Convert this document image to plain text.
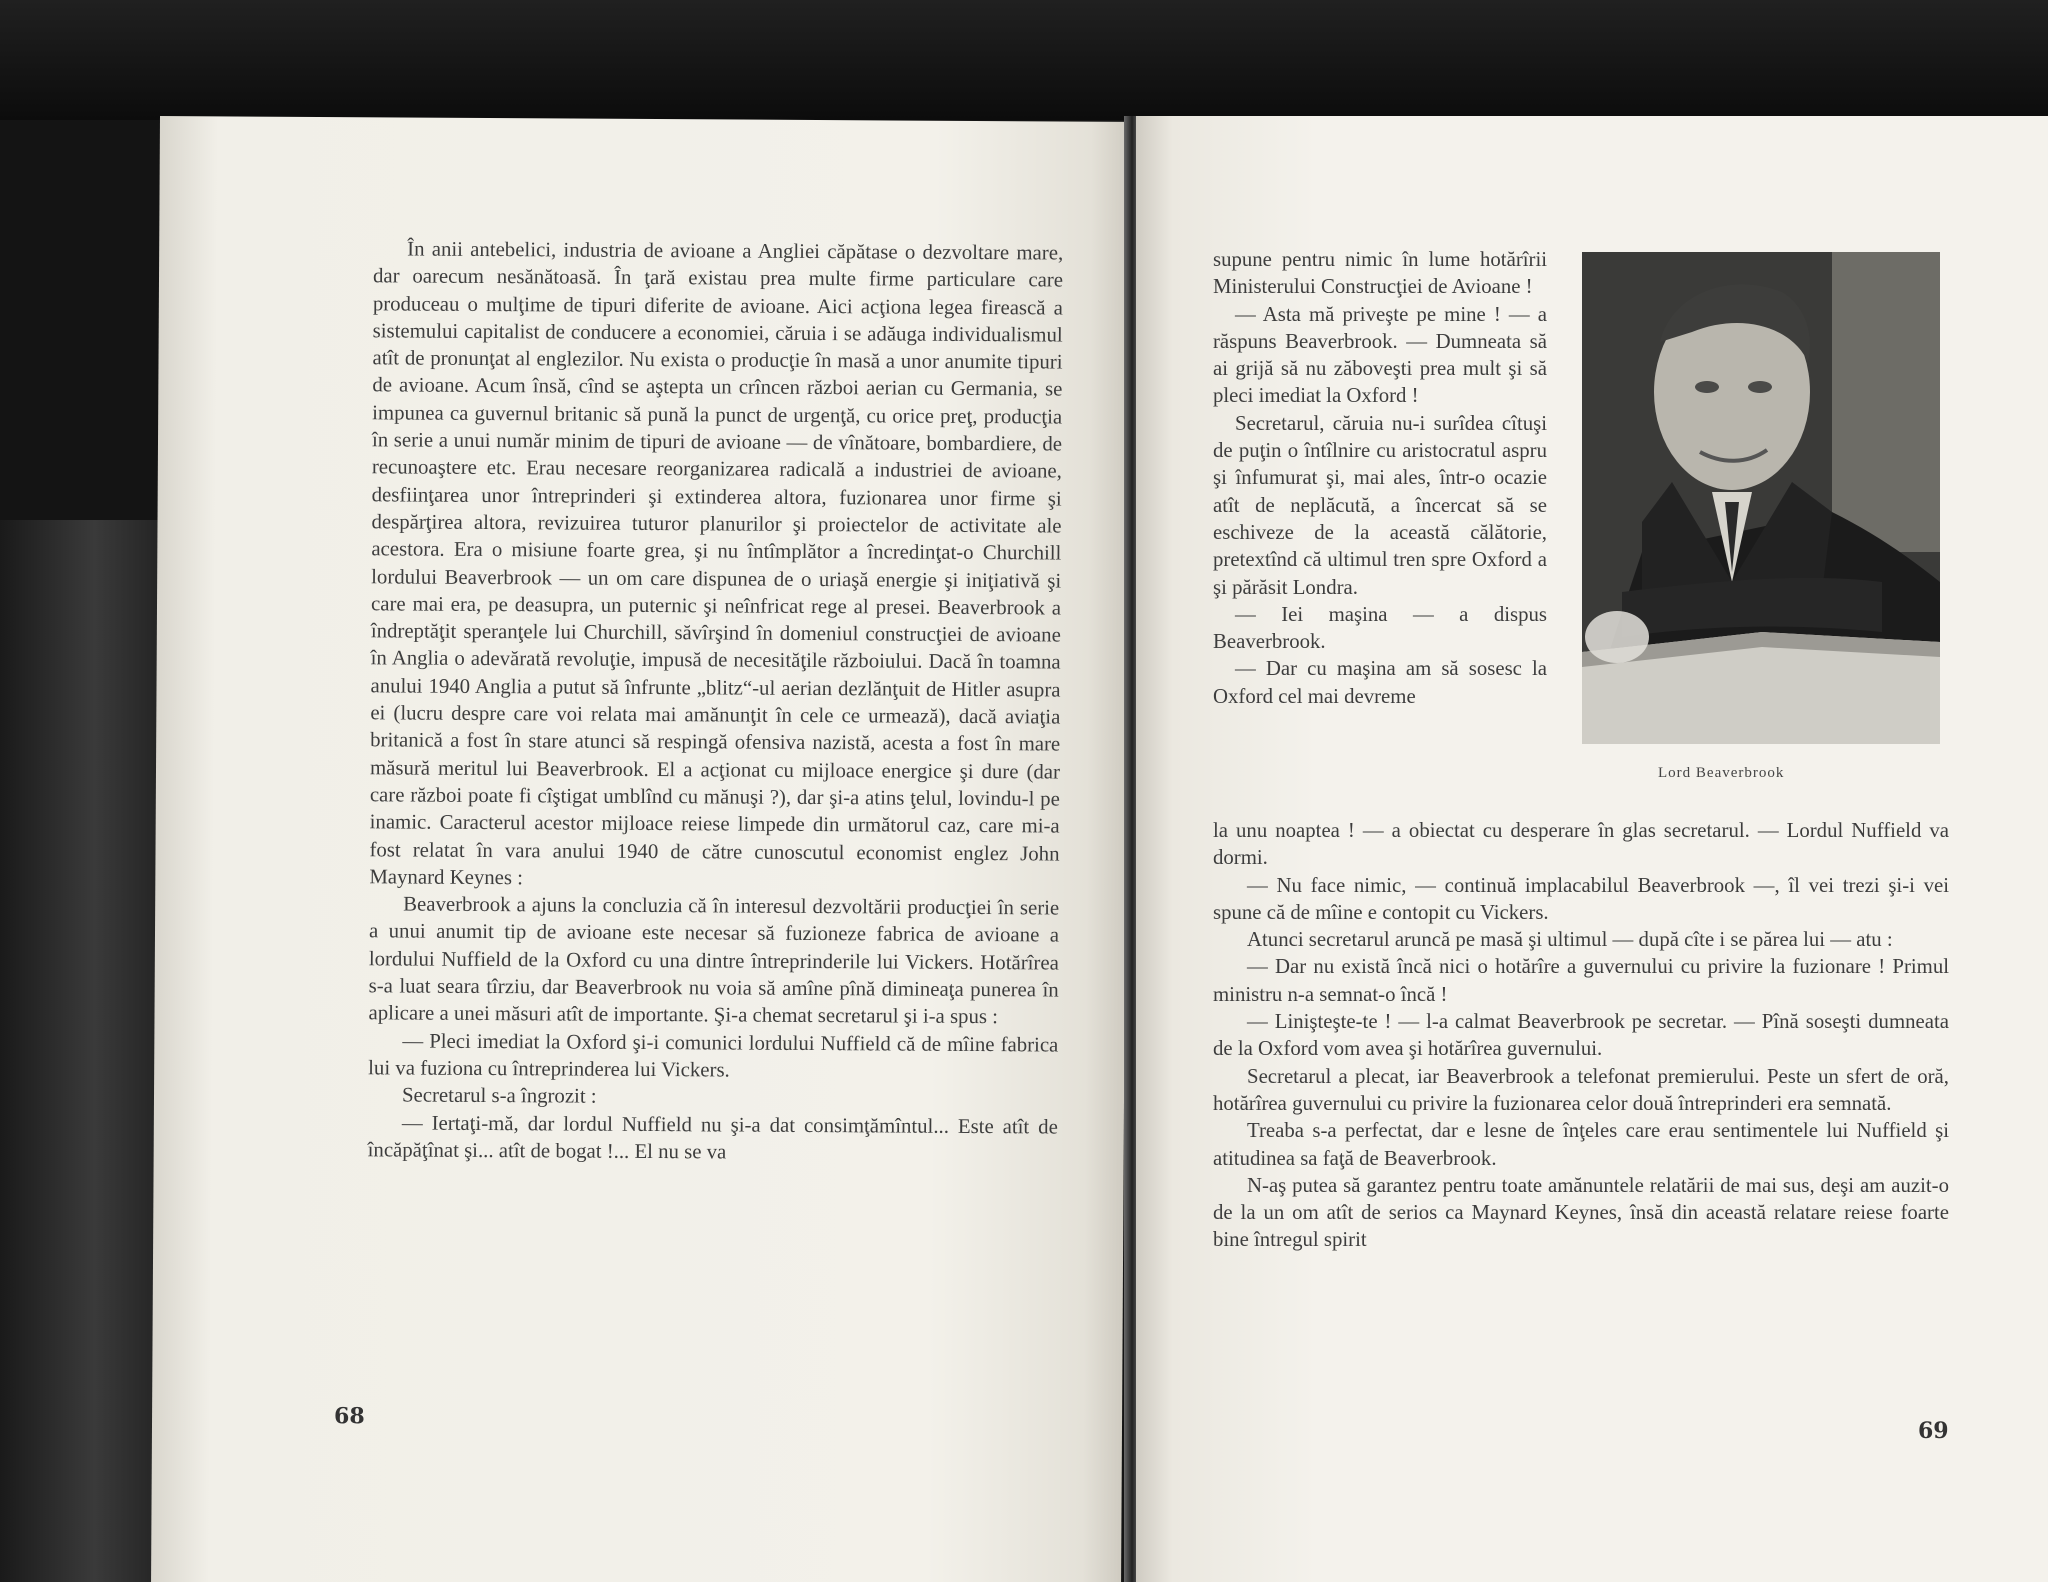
În anii antebelici, industria de avioane a Angliei căpătase o dezvoltare mare, dar oarecum nesănătoasă. În ţară existau prea multe firme particulare care produceau o mulţime de tipuri diferite de avioane. Aici acţiona legea firească a sistemului capitalist de conducere a economiei, căruia i se adăuga individualismul atît de pronunţat al englezilor. Nu exista o producţie în masă a unor anumite tipuri de avioane. Acum însă, cînd se aştepta un crîncen război aerian cu Germania, se impunea ca guvernul britanic să pună la punct de urgenţă, cu orice preţ, producţia în serie a unui număr minim de tipuri de avioane — de vînătoare, bombardiere, de recunoaştere etc. Erau necesare reorganizarea radicală a industriei de avioane, desfiinţarea unor întreprinderi şi extinderea altora, fuzionarea unor firme şi despărţirea altora, revizuirea tuturor planurilor şi proiectelor de activitate ale acestora. Era o misiune foarte grea, şi nu întîmplător a încredinţat-o Churchill lordului Beaverbrook — un om care dispunea de o uriaşă energie şi iniţiativă şi care mai era, pe deasupra, un puternic şi neînfricat rege al presei. Beaverbrook a îndreptăţit speranţele lui Churchill, săvîrşind în domeniul construcţiei de avioane în Anglia o adevărată revoluţie, impusă de necesităţile războiului. Dacă în toamna anului 1940 Anglia a putut să înfrunte „blitz“-ul aerian dezlănţuit de Hitler asupra ei (lucru despre care voi relata mai amănunţit în cele ce urmează), dacă aviaţia britanică a fost în stare atunci să respingă ofensiva nazistă, acesta a fost în mare măsură meritul lui Beaverbrook. El a acţionat cu mijloace energice şi dure (dar care război poate fi cîştigat umblînd cu mănuşi ?), dar şi-a atins ţelul, lovindu-l pe inamic. Caracterul acestor mijloace reiese limpede din următorul caz, care mi-a fost relatat în vara anului 1940 de către cunoscutul economist englez John Maynard Keynes :

Beaverbrook a ajuns la concluzia că în interesul dezvoltării producţiei în serie a unui anumit tip de avioane este necesar să fuzioneze fabrica de avioane a lordului Nuffield de la Oxford cu una dintre întreprinderile lui Vickers. Hotărîrea s-a luat seara tîrziu, dar Beaverbrook nu voia să amîne pînă dimineaţa punerea în aplicare a unei măsuri atît de importante. Şi-a chemat secretarul şi i-a spus :

— Pleci imediat la Oxford şi-i comunici lordului Nuffield că de mîine fabrica lui va fuziona cu întreprinderea lui Vickers.

Secretarul s-a îngrozit :

— Iertaţi-mă, dar lordul Nuffield nu şi-a dat consimţămîntul... Este atît de încăpăţînat şi... atît de bogat !... El nu se va

68
Lord Beaverbrook

supune pentru nimic în lume hotărîrii Ministerului Construcţiei de Avioane !

— Asta mă priveşte pe mine ! — a răspuns Beaverbrook. — Dumneata să ai grijă să nu zăboveşti prea mult şi să pleci imediat la Oxford !

Secretarul, căruia nu-i surîdea cîtuşi de puţin o întîlnire cu aristocratul aspru şi înfumurat şi, mai ales, într-o ocazie atît de neplăcută, a încercat să se eschiveze de la această călătorie, pretextînd că ultimul tren spre Oxford a şi părăsit Londra.

— Iei maşina — a dispus Beaverbrook.

— Dar cu maşina am să sosesc la Oxford cel mai devreme

la unu noaptea ! — a obiectat cu desperare în glas secretarul. — Lordul Nuffield va dormi.

— Nu face nimic, — continuă implacabilul Beaverbrook —, îl vei trezi şi-i vei spune că de mîine e contopit cu Vickers.

Atunci secretarul aruncă pe masă şi ultimul — după cîte i se părea lui — atu :

— Dar nu există încă nici o hotărîre a guvernului cu privire la fuzionare ! Primul ministru n-a semnat-o încă !

— Linişteşte-te ! — l-a calmat Beaverbrook pe secretar. — Pînă soseşti dumneata de la Oxford vom avea şi hotărîrea guvernului.

Secretarul a plecat, iar Beaverbrook a telefonat premierului. Peste un sfert de oră, hotărîrea guvernului cu privire la fuzionarea celor două întreprinderi era semnată.

Treaba s-a perfectat, dar e lesne de înţeles care erau sentimentele lui Nuffield şi atitudinea sa faţă de Beaverbrook.

N-aş putea să garantez pentru toate amănuntele relatării de mai sus, deşi am auzit-o de la un om atît de serios ca Maynard Keynes, însă din această relatare reiese foarte bine întregul spirit

69
